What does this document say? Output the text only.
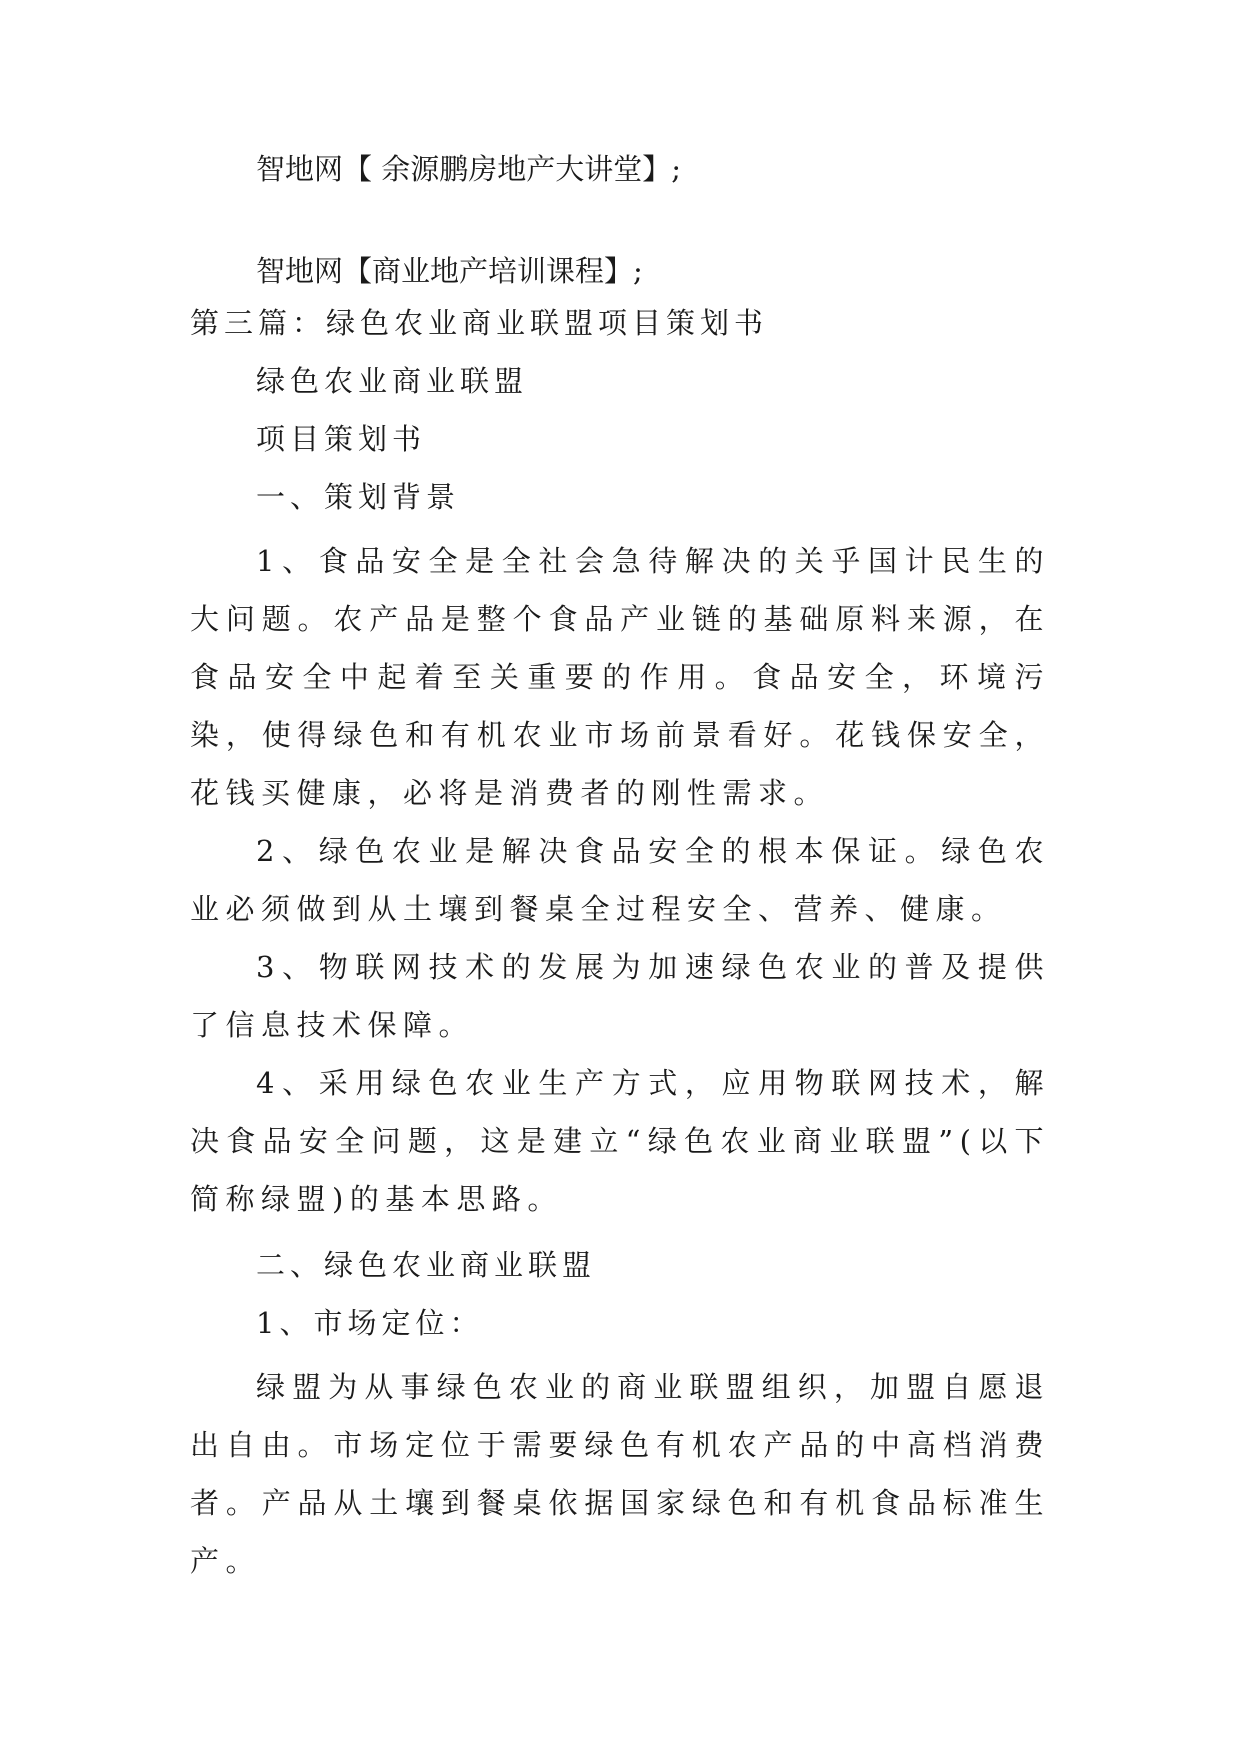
智地网【 余源鹏房地产大讲堂】;
智地网【商业地产培训课程】;
第三篇：绿色农业商业联盟项目策划书
绿色农业商业联盟
项目策划书
一、策划背景
1、食品安全是全社会急待解决的关乎国计民生的大问题。农产品是整个食品产业链的基础原料来源，在食品安全中起着至关重要的作用。食品安全，环境污染，使得绿色和有机农业市场前景看好。花钱保安全，花钱买健康，必将是消费者的刚性需求。
2、绿色农业是解决食品安全的根本保证。绿色农业必须做到从土壤到餐桌全过程安全、营养、健康。
3、物联网技术的发展为加速绿色农业的普及提供了信息技术保障。
4、采用绿色农业生产方式，应用物联网技术，解决食品安全问题，这是建立“绿色农业商业联盟”(以下简称绿盟)的基本思路。
二、绿色农业商业联盟
1、市场定位：
绿盟为从事绿色农业的商业联盟组织，加盟自愿退出自由。市场定位于需要绿色有机农产品的中高档消费者。产品从土壤到餐桌依据国家绿色和有机食品标准生产。
